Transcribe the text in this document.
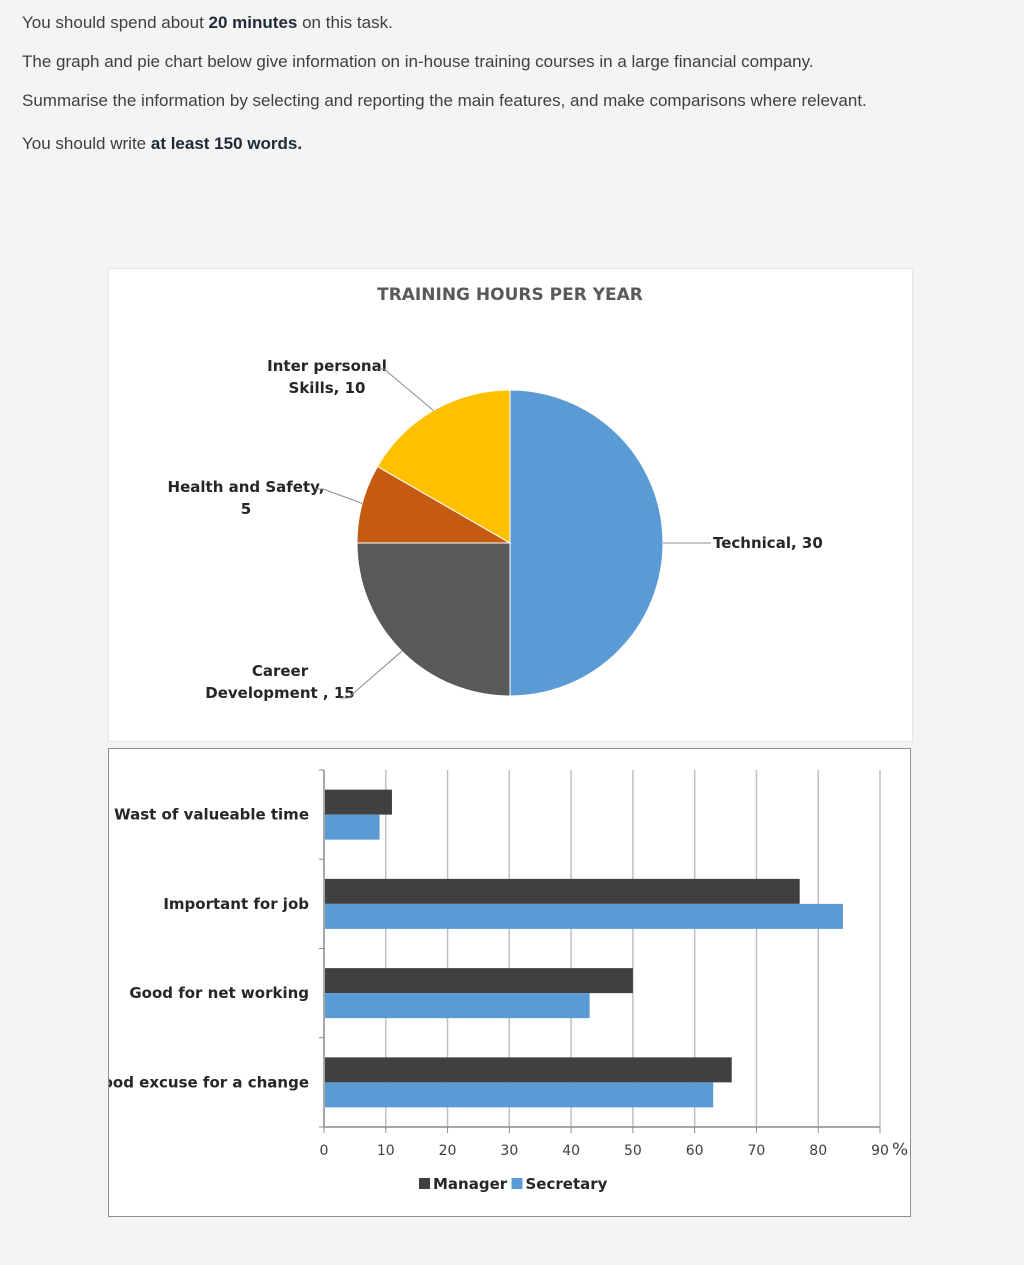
You should spend about 20 minutes on this task.

The graph and pie chart below give information on in-house training courses in a large financial company.

Summarise the information by selecting and reporting the main features, and make comparisons where relevant.

You should write at least 150 words.

TRAINING HOURS PER YEAR
Technical, 30
Career
Development , 15
Health and Safety,
5
Inter personal
Skills, 10
0	10	20	30	40	50	60	70	80	90 %
Wast of valueable time
Important for job
Good for net working
Good excuse for a change
Manager Secretary
